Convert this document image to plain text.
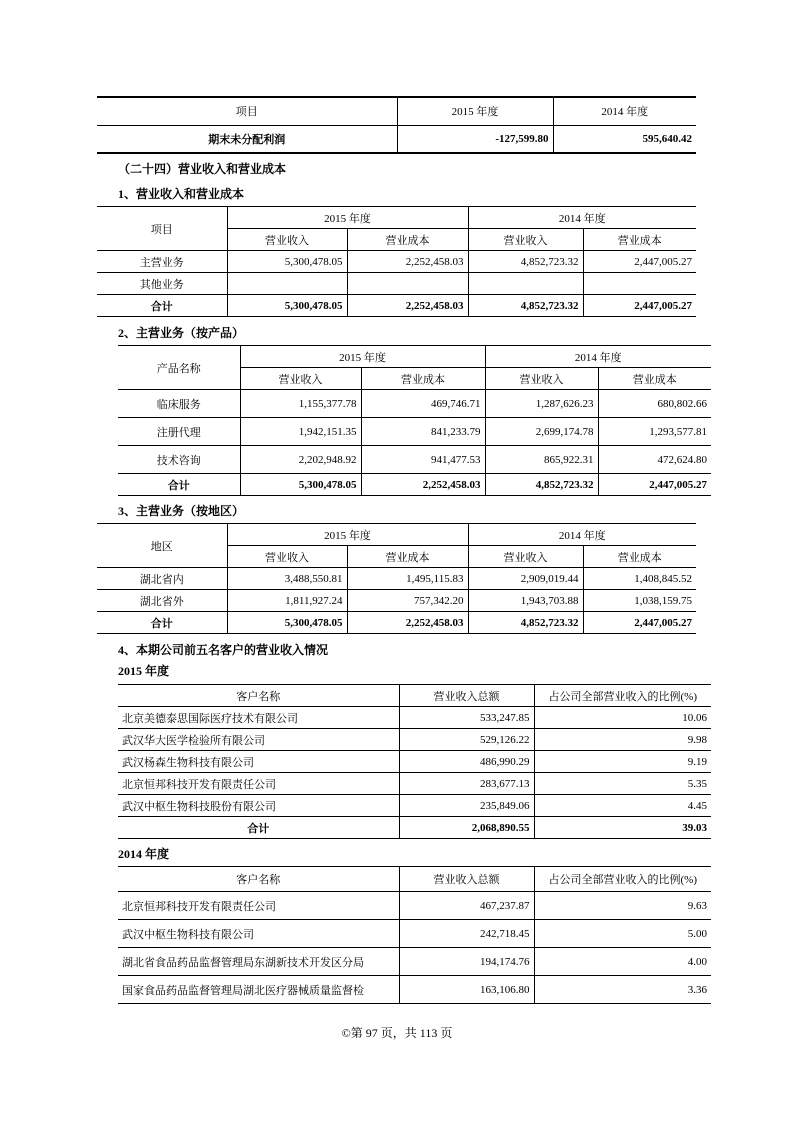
项目	2015 年度	2014 年度
期末未分配利润	-127,599.80	595,640.42
（二十四）营业收入和营业成本
1、营业收入和营业成本
项目	2015 年度		2014 年度	
	营业收入	营业成本	营业收入	营业成本
主营业务	5,300,478.05	2,252,458.03	4,852,723.32	2,447,005.27
其他业务				
合计	5,300,478.05	2,252,458.03	4,852,723.32	2,447,005.27
2、主营业务（按产品）
产品名称	2015 年度		2014 年度	
	营业收入	营业成本	营业收入	营业成本
临床服务	1,155,377.78	469,746.71	1,287,626.23	680,802.66
注册代理	1,942,151.35	841,233.79	2,699,174.78	1,293,577.81
技术咨询	2,202,948.92	941,477.53	865,922.31	472,624.80
合计	5,300,478.05	2,252,458.03	4,852,723.32	2,447,005.27
3、主营业务（按地区）
地区	2015 年度		2014 年度	
	营业收入	营业成本	营业收入	营业成本
湖北省内	3,488,550.81	1,495,115.83	2,909,019.44	1,408,845.52
湖北省外	1,811,927.24	757,342.20	1,943,703.88	1,038,159.75
合计	5,300,478.05	2,252,458.03	4,852,723.32	2,447,005.27
4、本期公司前五名客户的营业收入情况
2015 年度
客户名称	营业收入总额	占公司全部营业收入的比例(%)
北京美德泰思国际医疗技术有限公司	533,247.85	10.06
武汉华大医学检验所有限公司	529,126.22	9.98
武汉杨森生物科技有限公司	486,990.29	9.19
北京恒邦科技开发有限责任公司	283,677.13	5.35
武汉中枢生物科技股份有限公司	235,849.06	4.45
合计	2,068,890.55	39.03
2014 年度
客户名称	营业收入总额	占公司全部营业收入的比例(%)
北京恒邦科技开发有限责任公司	467,237.87	9.63
武汉中枢生物科技有限公司	242,718.45	5.00
湖北省食品药品监督管理局东湖新技术开发区分局	194,174.76	4.00
国家食品药品监督管理局湖北医疗器械质量监督检	163,106.80	3.36
©第 97 页，共 113 页
